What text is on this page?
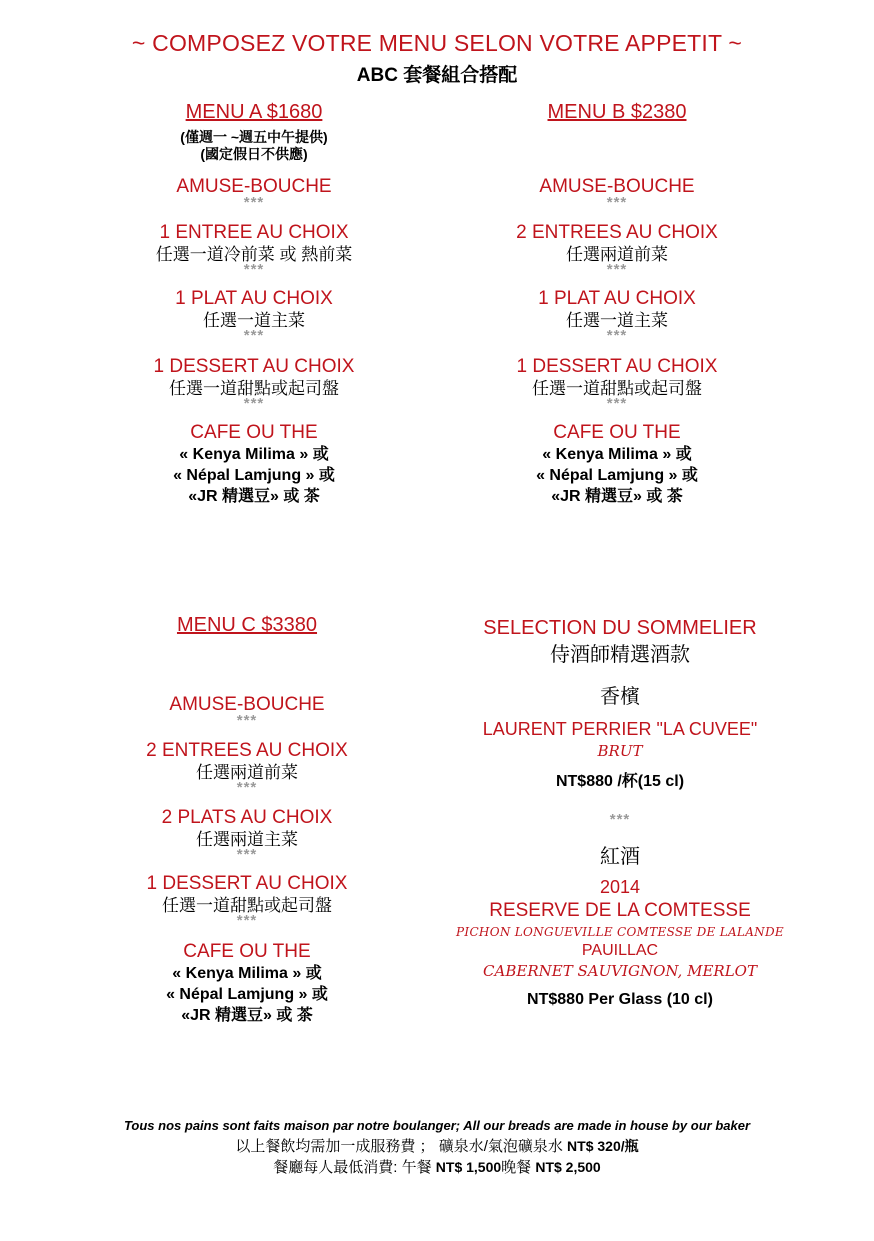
~ COMPOSEZ VOTRE MENU SELON VOTRE APPETIT ~
ABC 套餐組合搭配
MENU A $1680
(僅週一 ~週五中午提供)
(國定假日不供應)
AMUSE-BOUCHE
***
1 ENTREE AU CHOIX
任選一道冷前菜 或 熱前菜
***
1 PLAT AU CHOIX
任選一道主菜
***
1 DESSERT AU CHOIX
任選一道甜點或起司盤
***
CAFE OU THE
« Kenya Milima » 或
« Népal Lamjung » 或
«JR 精選豆» 或 茶
MENU B $2380
AMUSE-BOUCHE
***
2 ENTREES AU CHOIX
任選兩道前菜
***
1 PLAT AU CHOIX
任選一道主菜
***
1 DESSERT AU CHOIX
任選一道甜點或起司盤
***
CAFE OU THE
« Kenya Milima » 或
« Népal Lamjung » 或
«JR 精選豆» 或 茶
MENU C $3380
AMUSE-BOUCHE
***
2 ENTREES AU CHOIX
任選兩道前菜
***
2 PLATS AU CHOIX
任選兩道主菜
***
1 DESSERT AU CHOIX
任選一道甜點或起司盤
***
CAFE OU THE
« Kenya Milima » 或
« Népal Lamjung » 或
«JR 精選豆» 或 茶
SELECTION DU SOMMELIER
侍酒師精選酒款
香檳
LAURENT PERRIER "LA CUVEE"
BRUT
NT$880 /杯(15 cl)
***
紅酒
2014
RESERVE DE LA COMTESSE
PICHON LONGUEVILLE COMTESSE DE LALANDE
PAUILLAC
CABERNET SAUVIGNON, MERLOT
NT$880 Per Glass (10 cl)
Tous nos pains sont faits maison par notre boulanger; All our breads are made in house by our baker
以上餐飲均需加一成服務費 ； 礦泉水/氣泡礦泉水 NT$ 320/瓶
餐廳每人最低消費: 午餐 NT$ 1,500晚餐 NT$ 2,500
